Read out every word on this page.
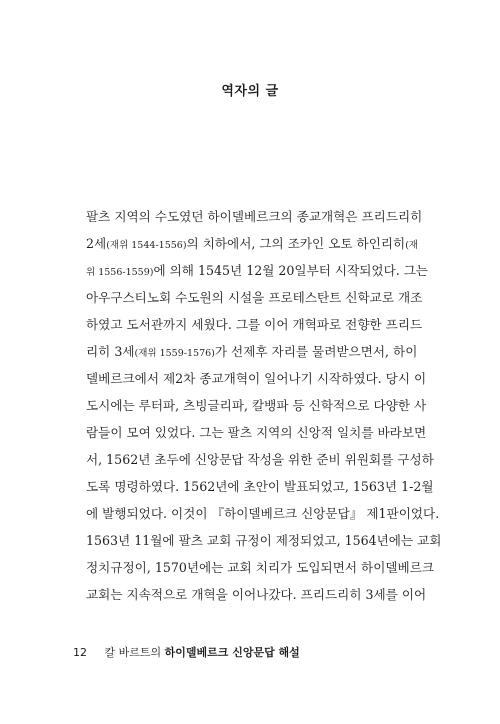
역자의 글
팔츠 지역의 수도였던 하이델베르크의 종교개혁은 프리드리히
2세(재위 1544-1556)의 치하에서, 그의 조카인 오토 하인리히(재
위 1556-1559)에 의해 1545년 12월 20일부터 시작되었다. 그는
아우구스티노회 수도원의 시설을 프로테스탄트 신학교로 개조
하였고 도서관까지 세웠다. 그를 이어 개혁파로 전향한 프리드
리히 3세(재위 1559-1576)가 선제후 자리를 물려받으면서, 하이
델베르크에서 제2차 종교개혁이 일어나기 시작하였다. 당시 이
도시에는 루터파, 츠빙글리파, 칼뱅파 등 신학적으로 다양한 사
람들이 모여 있었다. 그는 팔츠 지역의 신앙적 일치를 바라보면
서, 1562년 초두에 신앙문답 작성을 위한 준비 위원회를 구성하
도록 명령하였다. 1562년에 초안이 발표되었고, 1563년 1-2월
에 발행되었다. 이것이 『하이델베르크 신앙문답』 제1판이었다.
1563년 11월에 팔츠 교회 규정이 제정되었고, 1564년에는 교회
정치규정이, 1570년에는 교회 치리가 도입되면서 하이델베르크
교회는 지속적으로 개혁을 이어나갔다. 프리드리히 3세를 이어
12 칼 바르트의 하이델베르크 신앙문답 해설
